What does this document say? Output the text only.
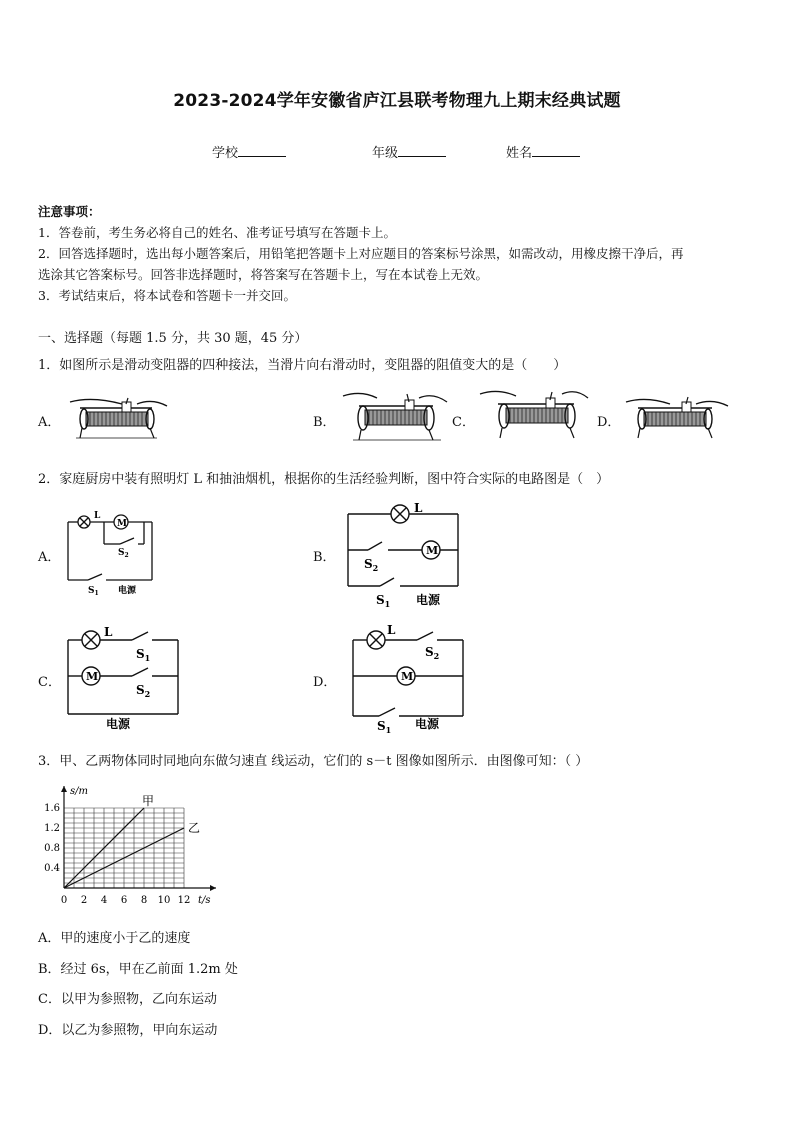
2023-2024学年安徽省庐江县联考物理九上期末经典试题
学校	年级	姓名
注意事项：
1．答卷前，考生务必将自己的姓名、准考证号填写在答题卡上。
2．回答选择题时，选出每小题答案后，用铅笔把答题卡上对应题目的答案标号涂黑，如需改动，用橡皮擦干净后，再
选涂其它答案标号。回答非选择题时，将答案写在答题卡上，写在本试卷上无效。
3．考试结束后，将本试卷和答题卡一并交回。
一、选择题（每题 1.5 分，共 30 题，45 分）
1．如图所示是滑动变阻器的四种接法，当滑片向右滑动时，变阻器的阻值变大的是（　　）
A．	B．	C．	D．
2．家庭厨房中装有照明灯 L 和抽油烟机，根据你的生活经验判断，图中符合实际的电路图是（　）
A．	B．
C．	D．
L
M
$S_2$
$S_1$ 电源
L
M
$S_2$
$S_1$ 电源
L
M
$S_1$
$S_2$
电源
L
M
$S_2$
$S_1$ 电源
3．甲、乙两物体同时同地向东做匀速直 线运动，它们的 s－t 图像如图所示．由图像可知：（ ）
甲
乙
0 2 4 6 8 10 12
0.4
0.8
1.2
1.6
t/s
s/m
A．甲的速度小于乙的速度
B．经过 6s，甲在乙前面 1.2m 处
C．以甲为参照物，乙向东运动
D．以乙为参照物，甲向东运动
